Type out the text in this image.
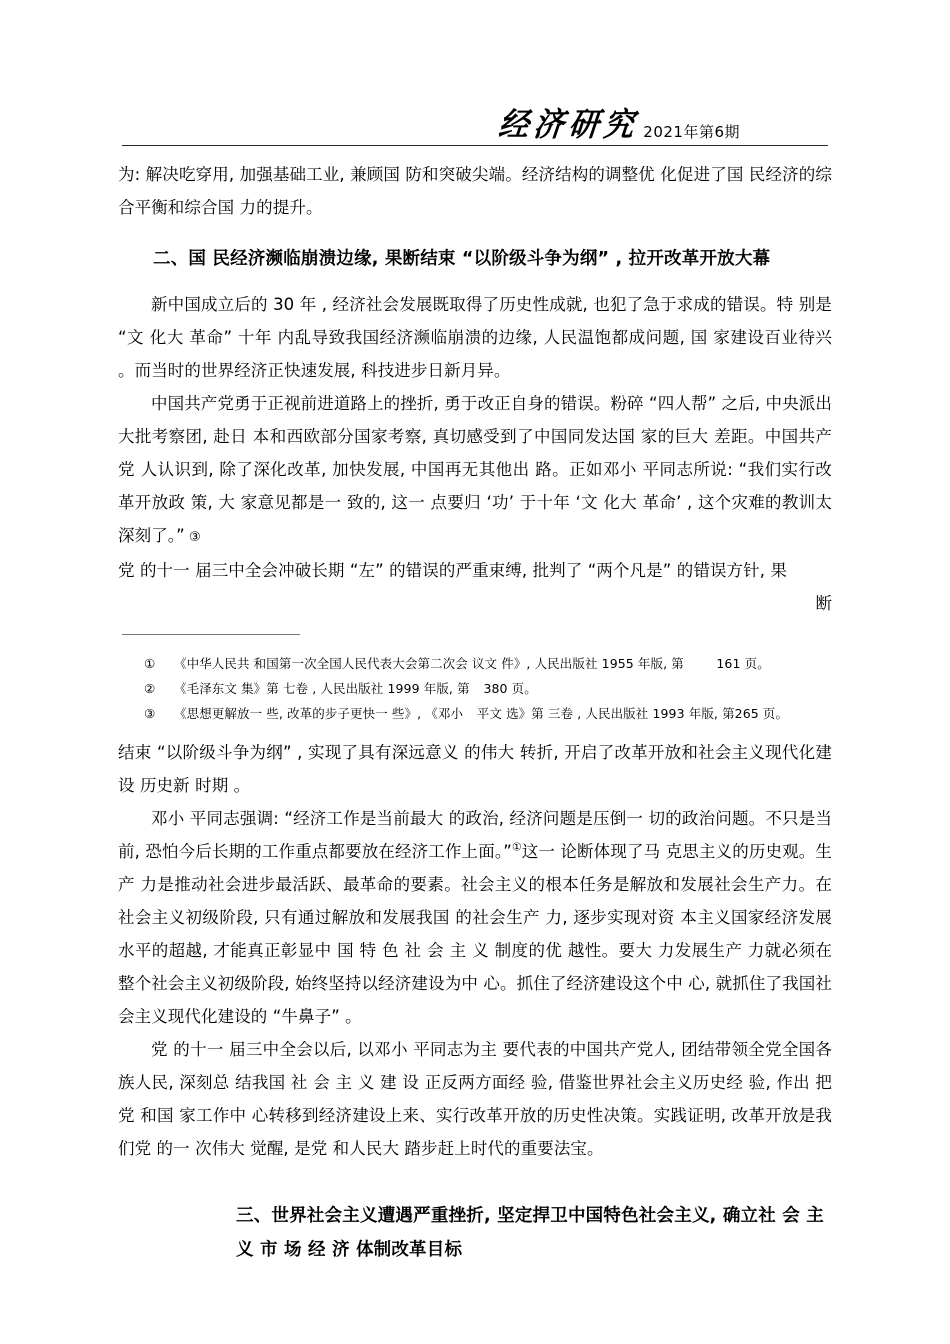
经济研究 2021年第6期

为: 解决吃穿用, 加强基础工业, 兼顾国 防和突破尖端。经济结构的调整优 化促进了国 民经济的综合平衡和综合国 力的提升。

二、国 民经济濒临崩溃边缘, 果断结束 “以阶级斗争为纲” , 拉开改革开放大幕

新中国成立后的 30 年 , 经济社会发展既取得了历史性成就, 也犯了急于求成的错误。特 别是 “文 化大 革命” 十年 内乱导致我国经济濒临崩溃的边缘, 人民温饱都成问题, 国 家建设百业待兴 。而当时的世界经济正快速发展, 科技进步日新月异。

中国共产党勇于正视前进道路上的挫折, 勇于改正自身的错误。粉碎 “四人帮” 之后, 中央派出大批考察团, 赴日 本和西欧部分国家考察, 真切感受到了中国同发达国 家的巨大 差距。中国共产党 人认识到, 除了深化改革, 加快发展, 中国再无其他出 路。正如邓小 平同志所说: “我们实行改革开放政 策, 大 家意见都是一 致的, 这一 点要归 ‘功’ 于十年 ‘文 化大 革命’ , 这个灾难的教训太深刻了。” ③

党 的十一 届三中全会冲破长期 “左” 的错误的严重束缚, 批判了 “两个凡是” 的错误方针, 果

断
① 《中华人民共 和国第一次全国人民代表大会第二次会 议文 件》, 人民出版社 1955 年版, 第	161 页。
② 《毛泽东文 集》第 七卷 , 人民出版社 1999 年版, 第 380 页。
③ 《思想更解放一 些, 改革的步子更快一 些》, 《邓小 平文 选》第 三卷 , 人民出版社 1993 年版, 第265 页。

结束 “以阶级斗争为纲” , 实现了具有深远意义 的伟大 转折, 开启了改革开放和社会主义现代化建设 历史新 时期 。

邓小 平同志强调: “经济工作是当前最大 的政治, 经济问题是压倒一 切的政治问题。不只是当前, 恐怕今后长期的工作重点都要放在经济工作上面。”①这一 论断体现了马 克思主义的历史观。生产 力是推动社会进步最活跃、最革命的要素。社会主义的根本任务是解放和发展社会生产力。在社会主义初级阶段, 只有通过解放和发展我国 的社会生产 力, 逐步实现对资 本主义国家经济发展水平的超越, 才能真正彰显中 国 特 色 社 会 主 义 制度的优 越性。要大 力发展生产 力就必须在整个社会主义初级阶段, 始终坚持以经济建设为中 心。抓住了经济建设这个中 心, 就抓住了我国社会主义现代化建设的 “牛鼻子” 。

党 的十一 届三中全会以后, 以邓小 平同志为主 要代表的中国共产党人, 团结带领全党全国各族人民, 深刻总 结我国 社 会 主 义 建 设 正反两方面经 验, 借鉴世界社会主义历史经 验, 作出 把党 和国 家工作中 心转移到经济建设上来、实行改革开放的历史性决策。实践证明, 改革开放是我们党 的一 次伟大 觉醒, 是党 和人民大 踏步赶上时代的重要法宝。

三、世界社会主义遭遇严重挫折, 坚定捍卫中国特色社会主义, 确立社 会 主 义 市 场 经 济 体制改革目标
